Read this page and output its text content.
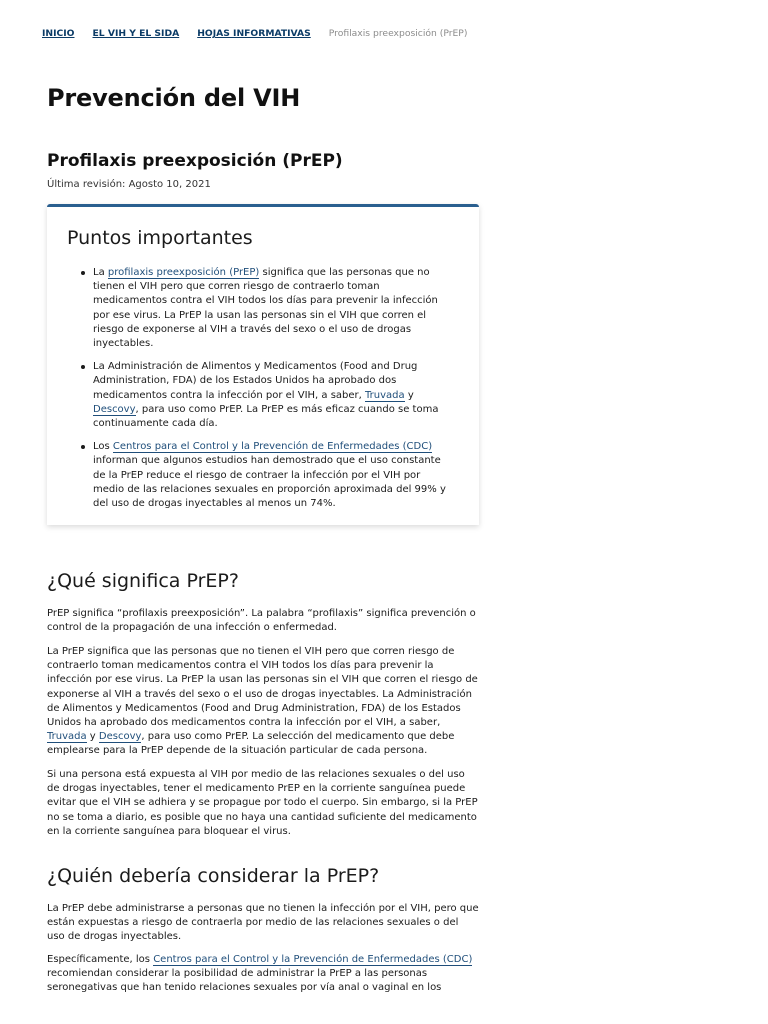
INICIO EL VIH Y EL SIDA HOJAS INFORMATIVAS Profilaxis preexposición (PrEP)
Prevención del VIH
Profilaxis preexposición (PrEP)
Última revisión: Agosto 10, 2021
Puntos importantes
La profilaxis preexposición (PrEP) significa que las personas que no tienen el VIH pero que corren riesgo de contraerlo toman medicamentos contra el VIH todos los días para prevenir la infección por ese virus. La PrEP la usan las personas sin el VIH que corren el riesgo de exponerse al VIH a través del sexo o el uso de drogas inyectables.
La Administración de Alimentos y Medicamentos (Food and Drug Administration, FDA) de los Estados Unidos ha aprobado dos medicamentos contra la infección por el VIH, a saber, Truvada y Descovy, para uso como PrEP. La PrEP es más eficaz cuando se toma continuamente cada día.
Los Centros para el Control y la Prevención de Enfermedades (CDC) informan que algunos estudios han demostrado que el uso constante de la PrEP reduce el riesgo de contraer la infección por el VIH por medio de las relaciones sexuales en proporción aproximada del 99% y del uso de drogas inyectables al menos un 74%.
¿Qué significa PrEP?

PrEP significa “profilaxis preexposición”. La palabra “profilaxis” significa prevención o control de la propagación de una infección o enfermedad.

La PrEP significa que las personas que no tienen el VIH pero que corren riesgo de contraerlo toman medicamentos contra el VIH todos los días para prevenir la infección por ese virus. La PrEP la usan las personas sin el VIH que corren el riesgo de exponerse al VIH a través del sexo o el uso de drogas inyectables. La Administración de Alimentos y Medicamentos (Food and Drug Administration, FDA) de los Estados Unidos ha aprobado dos medicamentos contra la infección por el VIH, a saber, Truvada y Descovy, para uso como PrEP. La selección del medicamento que debe emplearse para la PrEP depende de la situación particular de cada persona.

Si una persona está expuesta al VIH por medio de las relaciones sexuales o del uso de drogas inyectables, tener el medicamento PrEP en la corriente sanguínea puede evitar que el VIH se adhiera y se propague por todo el cuerpo. Sin embargo, si la PrEP no se toma a diario, es posible que no haya una cantidad suficiente del medicamento en la corriente sanguínea para bloquear el virus.

¿Quién debería considerar la PrEP?

La PrEP debe administrarse a personas que no tienen la infección por el VIH, pero que están expuestas a riesgo de contraerla por medio de las relaciones sexuales o del uso de drogas inyectables.

Específicamente, los Centros para el Control y la Prevención de Enfermedades (CDC) recomiendan considerar la posibilidad de administrar la PrEP a las personas seronegativas que han tenido relaciones sexuales por vía anal o vaginal en los
